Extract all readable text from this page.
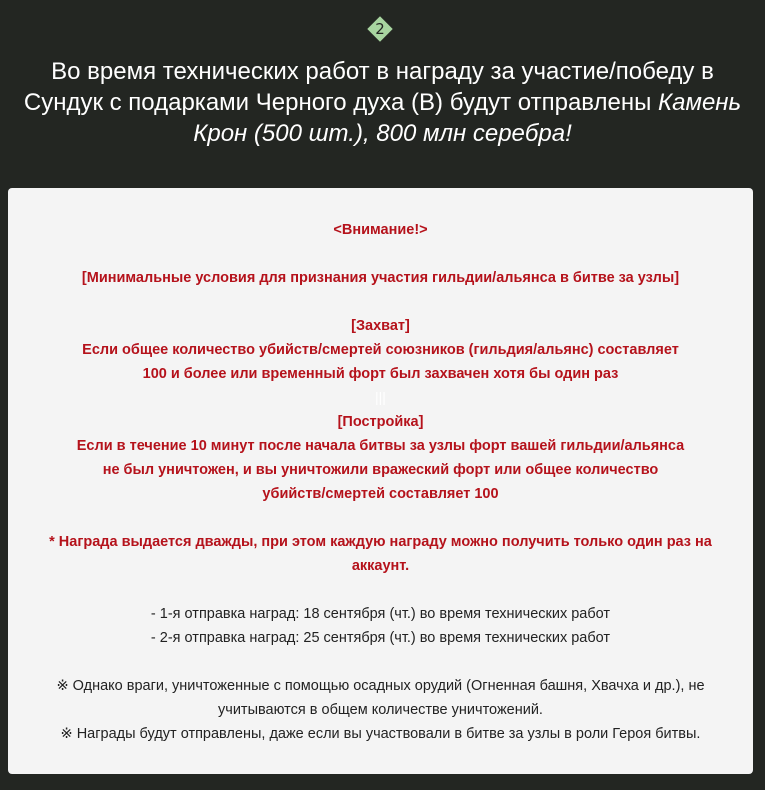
2
Во время технических работ в награду за участие/победу в
Сундук с подарками Черного духа (В) будут отправлены Камень
Крон (500 шт.), 800 млн серебра!
<Внимание!>
[Минимальные условия для признания участия гильдии/альянса в битве за узлы]
[Захват]
Если общее количество убийств/смертей союзников (гильдия/альянс) составляет
100 и более или временный форт был захвачен хотя бы один раз
|||
[Постройка]
Если в течение 10 минут после начала битвы за узлы форт вашей гильдии/альянса
не был уничтожен, и вы уничтожили вражеский форт или общее количество
убийств/смертей составляет 100
* Награда выдается дважды, при этом каждую награду можно получить только один раз на
аккаунт.
- 1-я отправка наград: 18 сентября (чт.) во время технических работ
- 2-я отправка наград: 25 сентября (чт.) во время технических работ
※ Однако враги, уничтоженные с помощью осадных орудий (Огненная башня, Хвачха и др.), не
учитываются в общем количестве уничтожений.
※ Награды будут отправлены, даже если вы участвовали в битве за узлы в роли Героя битвы.
